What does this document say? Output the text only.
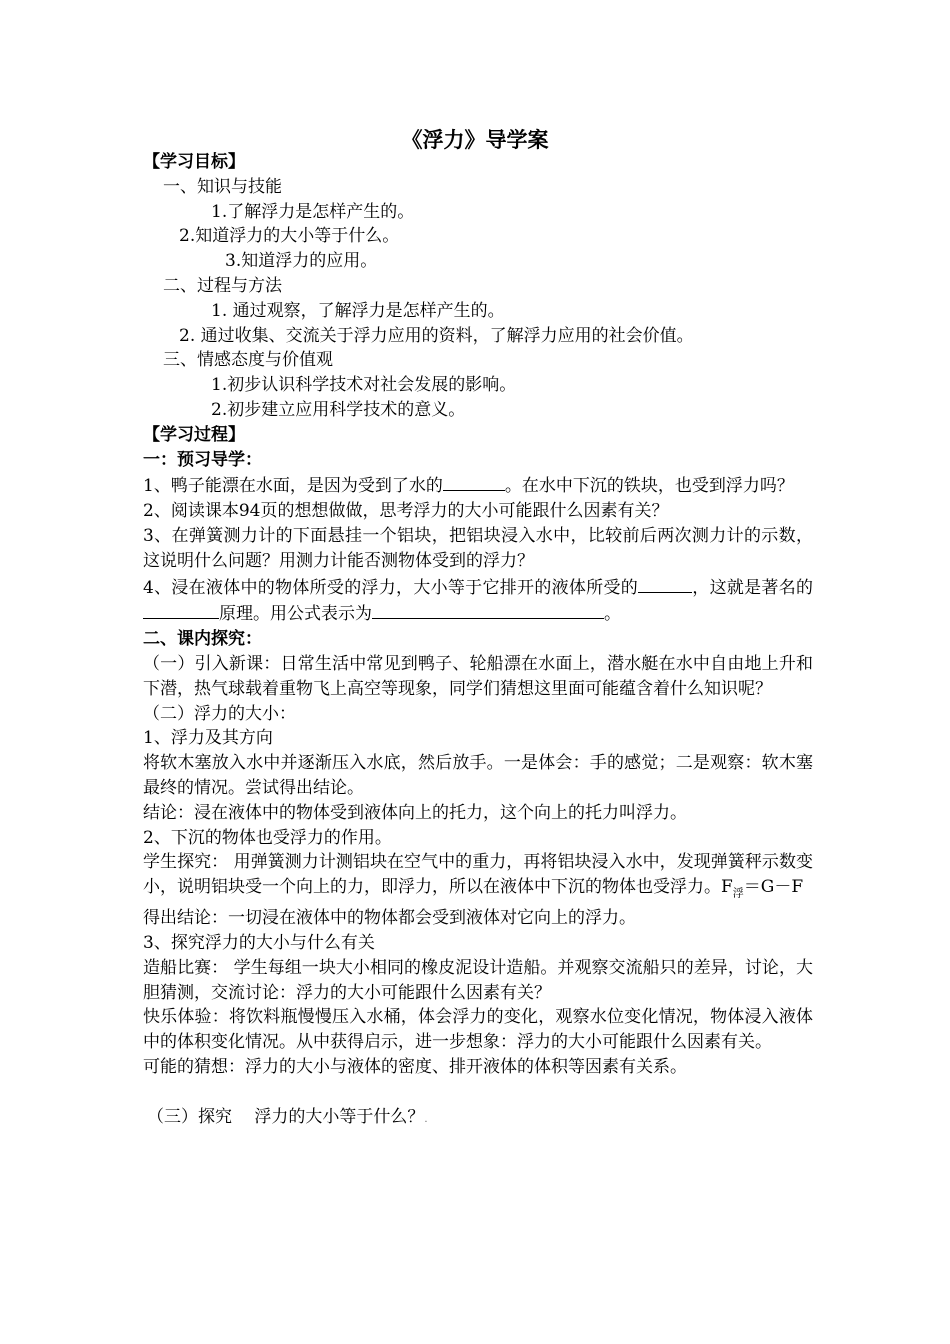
《浮力》导学案
【学习目标】
一、知识与技能
1.了解浮力是怎样产生的。
2.知道浮力的大小等于什么。
3.知道浮力的应用。
二、过程与方法
1. 通过观察，了解浮力是怎样产生的。
2. 通过收集、交流关于浮力应用的资料，了解浮力应用的社会价值。
三、情感态度与价值观
1.初步认识科学技术对社会发展的影响。
2.初步建立应用科学技术的意义。
【学习过程】
一：预习导学：
1、鸭子能漂在水面，是因为受到了水的	。在水中下沉的铁块，也受到浮力吗？
2、阅读课本94页的想想做做，思考浮力的大小可能跟什么因素有关？
3、在弹簧测力计的下面悬挂一个铝块，把铝块浸入水中，比较前后两次测力计的示数，这说明什么问题？用测力计能否测物体受到的浮力？
4、浸在液体中的物体所受的浮力，大小等于它排开的液体所受的	，这就是著名的原理。用公式表示为	。
二、课内探究：
（一）引入新课：日常生活中常见到鸭子、轮船漂在水面上，潜水艇在水中自由地上升和下潜，热气球载着重物飞上高空等现象，同学们猜想这里面可能蕴含着什么知识呢？
（二）浮力的大小：
1、浮力及其方向
将软木塞放入水中并逐渐压入水底，然后放手。一是体会：手的感觉；二是观察：软木塞最终的情况。尝试得出结论。
结论：浸在液体中的物体受到液体向上的托力，这个向上的托力叫浮力。
2、下沉的物体也受浮力的作用。
学生探究： 用弹簧测力计测铝块在空气中的重力，再将铝块浸入水中，发现弹簧秤示数变小，说明铝块受一个向上的力，即浮力，所以在液体中下沉的物体也受浮力。$F_浮=G-F$
得出结论：一切浸在液体中的物体都会受到液体对它向上的浮力。
3、探究浮力的大小与什么有关
造船比赛： 学生每组一块大小相同的橡皮泥设计造船。并观察交流船只的差异，讨论，大胆猜测，交流讨论：浮力的大小可能跟什么因素有关？
快乐体验：将饮料瓶慢慢压入水桶，体会浮力的变化，观察水位变化情况，物体浸入液体中的体积变化情况。从中获得启示，进一步想象：浮力的大小可能跟什么因素有关。
可能的猜想：浮力的大小与液体的密度、排开液体的体积等因素有关系。
（三）探究　 浮力的大小等于什么？.
